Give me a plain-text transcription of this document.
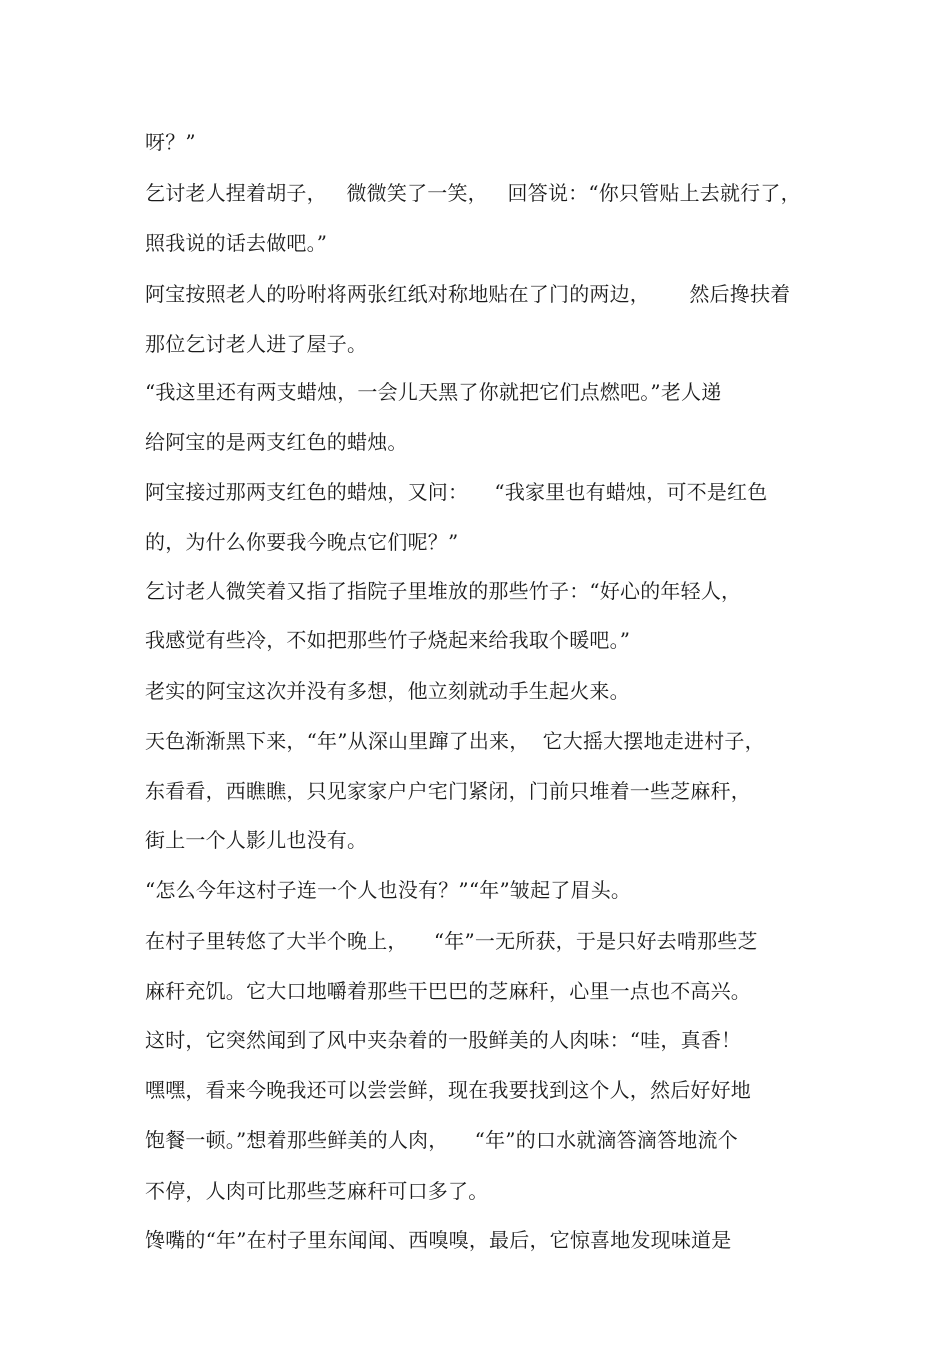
呀？”
乞讨老人捏着胡子，   微微笑了一笑，   回答说：“你只管贴上去就行了，
照我说的话去做吧。”
阿宝按照老人的吩咐将两张红纸对称地贴在了门的两边，      然后搀扶着
那位乞讨老人进了屋子。
“我这里还有两支蜡烛，一会儿天黑了你就把它们点燃吧。”老人递
给阿宝的是两支红色的蜡烛。
阿宝接过那两支红色的蜡烛，又问：    “我家里也有蜡烛，可不是红色
的，为什么你要我今晚点它们呢？”
乞讨老人微笑着又指了指院子里堆放的那些竹子：“好心的年轻人，
我感觉有些冷，不如把那些竹子烧起来给我取个暖吧。”
老实的阿宝这次并没有多想，他立刻就动手生起火来。
天色渐渐黑下来，“年”从深山里蹿了出来，  它大摇大摆地走进村子，
东看看，西瞧瞧，只见家家户户宅门紧闭，门前只堆着一些芝麻秆，
街上一个人影儿也没有。
“怎么今年这村子连一个人也没有？”“年”皱起了眉头。
在村子里转悠了大半个晚上，    “年”一无所获，于是只好去啃那些芝
麻秆充饥。它大口地嚼着那些干巴巴的芝麻秆，心里一点也不高兴。
这时，它突然闻到了风中夹杂着的一股鲜美的人肉味：“哇，真香！
嘿嘿，看来今晚我还可以尝尝鲜，现在我要找到这个人，然后好好地
饱餐一顿。”想着那些鲜美的人肉，    “年”的口水就滴答滴答地流个
不停，人肉可比那些芝麻秆可口多了。
馋嘴的“年”在村子里东闻闻、西嗅嗅，最后，它惊喜地发现味道是
